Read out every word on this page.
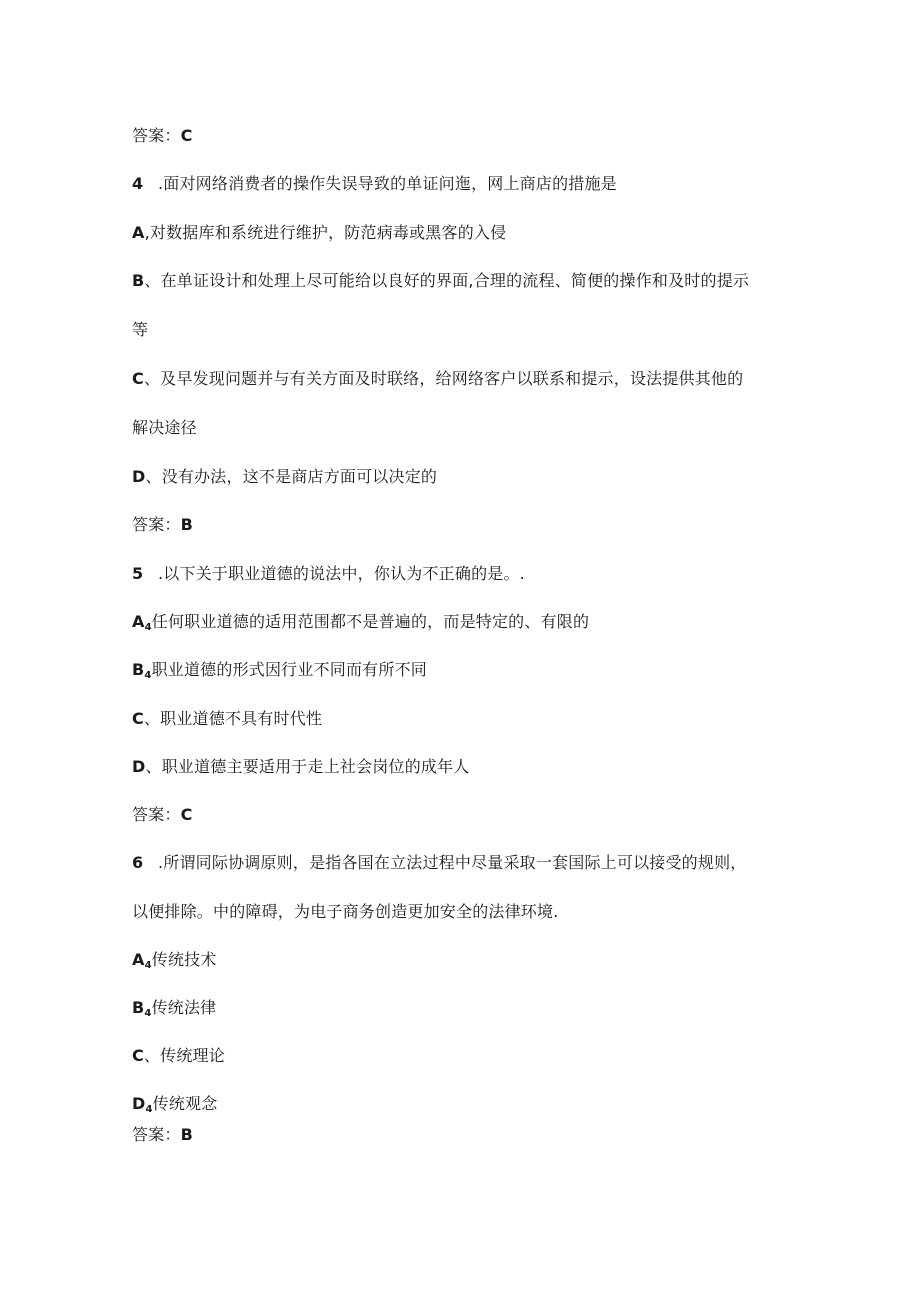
答案：C
4 .面对网络消费者的操作失误导致的单证问迤，网上商店的措施是
A,对数据库和系统进行维护，防范病毒或黑客的入侵
B、在单证设计和处理上尽可能给以良好的界面,合理的流程、简便的操作和及时的提示
等
C、及早发现问题并与有关方面及时联络，给网络客户以联系和提示，设法提供其他的
解决途径
D、没有办法，这不是商店方面可以决定的
答案：B
5 .以下关于职业道德的说法中，你认为不正确的是。.
$A_4$任何职业道德的适用范围都不是普遍的，而是特定的、有限的
$B_4$职业道德的形式因行业不同而有所不同
C、职业道德不具有时代性
D、职业道德主要适用于走上社会岗位的成年人
答案：C
6 .所谓同际协调原则，是指各国在立法过程中尽量采取一套国际上可以接受的规则，
以便排除。中的障碍，为电子商务创造更加安全的法律环境.
$A_4$传统技术
$B_4$传统法律
C、传统理论
$D_4$传统观念
答案：B
